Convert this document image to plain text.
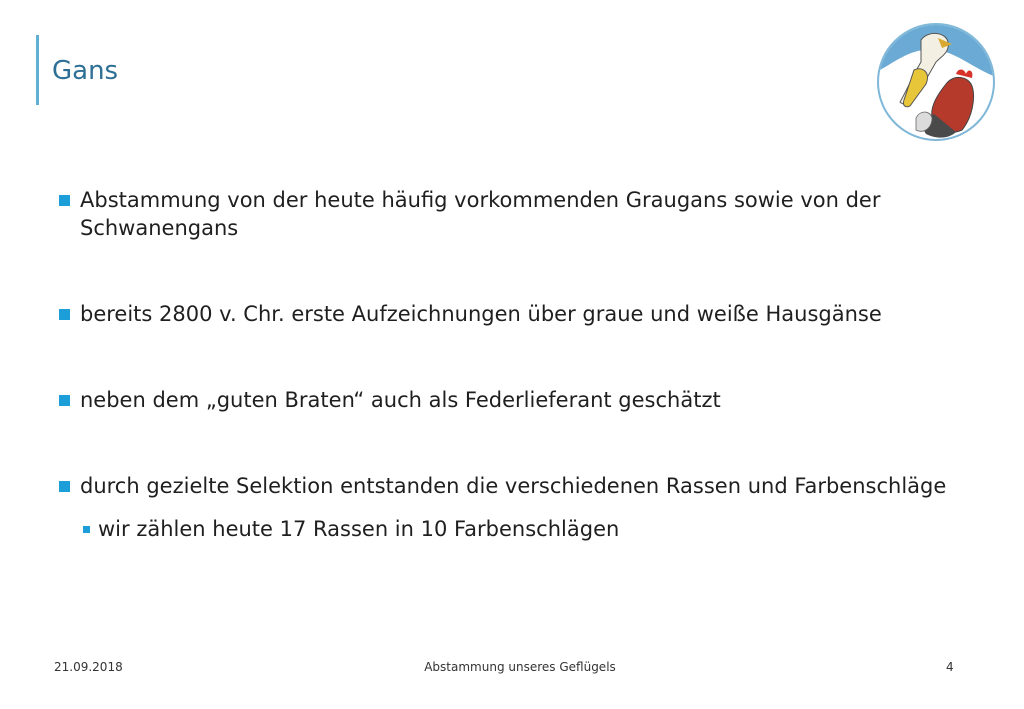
Gans
Abstammung von der heute häufig vorkommenden Graugans sowie von der Schwanengans
bereits 2800 v. Chr. erste Aufzeichnungen über graue und weiße Hausgänse
neben dem „guten Braten“ auch als Federlieferant geschätzt
durch gezielte Selektion entstanden die verschiedenen Rassen und Farbenschläge
wir zählen heute 17 Rassen in 10 Farbenschlägen
21.09.2018	Abstammung unseres Geflügels	4
